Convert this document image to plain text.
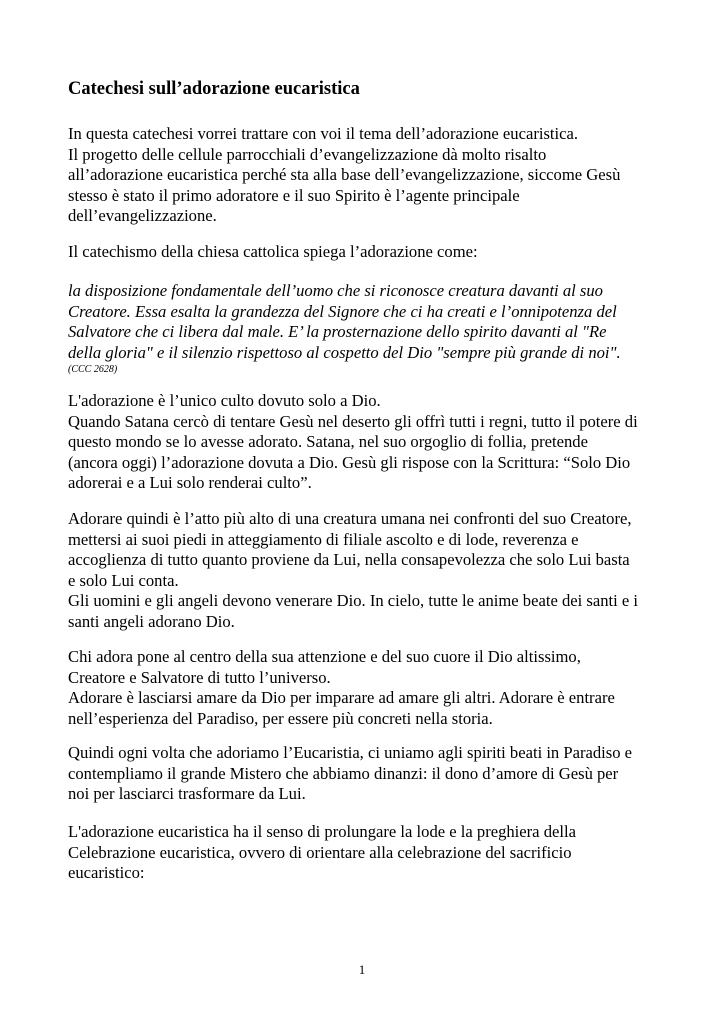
Catechesi sull’adorazione eucaristica

In questa catechesi vorrei trattare con voi il tema dell’adorazione eucaristica.
Il progetto delle cellule parrocchiali d’evangelizzazione dà molto risalto
all’adorazione eucaristica perché sta alla base dell’evangelizzazione, siccome Gesù
stesso è stato il primo adoratore e il suo Spirito è l’agente principale
dell’evangelizzazione.

Il catechismo della chiesa cattolica spiega l’adorazione come:

la disposizione fondamentale dell’uomo che si riconosce creatura davanti al suo
Creatore. Essa esalta la grandezza del Signore che ci ha creati e l’onnipotenza del
Salvatore che ci libera dal male. E’ la prosternazione dello spirito davanti al "Re
della gloria" e il silenzio rispettoso al cospetto del Dio "sempre più grande di noi".
(CCC 2628)

L'adorazione è l’unico culto dovuto solo a Dio.
Quando Satana cercò di tentare Gesù nel deserto gli offrì tutti i regni, tutto il potere di
questo mondo se lo avesse adorato. Satana, nel suo orgoglio di follia, pretende
(ancora oggi) l’adorazione dovuta a Dio. Gesù gli rispose con la Scrittura: “Solo Dio
adorerai e a Lui solo renderai culto”.

Adorare quindi è l’atto più alto di una creatura umana nei confronti del suo Creatore,
mettersi ai suoi piedi in atteggiamento di filiale ascolto e di lode, reverenza e
accoglienza di tutto quanto proviene da Lui, nella consapevolezza che solo Lui basta
e solo Lui conta.
Gli uomini e gli angeli devono venerare Dio. In cielo, tutte le anime beate dei santi e i
santi angeli adorano Dio.

Chi adora pone al centro della sua attenzione e del suo cuore il Dio altissimo,
Creatore e Salvatore di tutto l’universo.
Adorare è lasciarsi amare da Dio per imparare ad amare gli altri. Adorare è entrare
nell’esperienza del Paradiso, per essere più concreti nella storia.

Quindi ogni volta che adoriamo l’Eucaristia, ci uniamo agli spiriti beati in Paradiso e
contempliamo il grande Mistero che abbiamo dinanzi: il dono d’amore di Gesù per
noi per lasciarci trasformare da Lui.

L'adorazione eucaristica ha il senso di prolungare la lode e la preghiera della
Celebrazione eucaristica, ovvero di orientare alla celebrazione del sacrificio
eucaristico:

1
